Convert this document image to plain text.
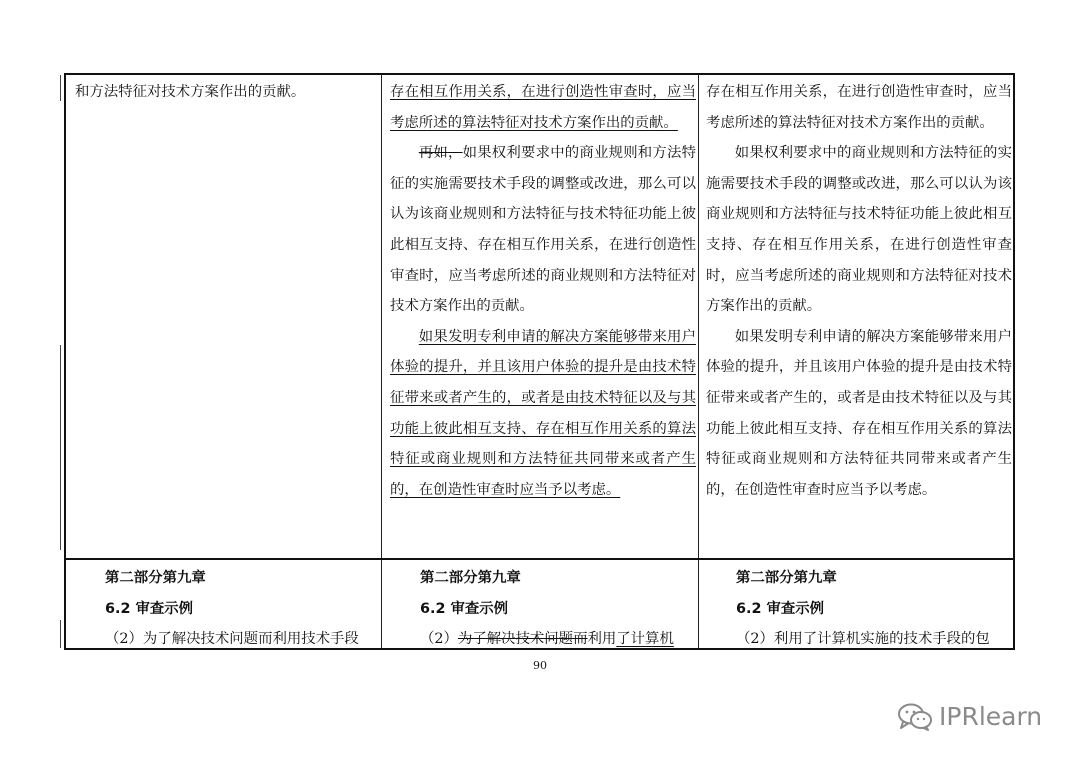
和方法特征对技术方案作出的贡献。	存在相互作用关系，在进行创造性审查时，应当考虑所述的算法特征对技术方案作出的贡献。

再如，如果权利要求中的商业规则和方法特征的实施需要技术手段的调整或改进，那么可以认为该商业规则和方法特征与技术特征功能上彼此相互支持、存在相互作用关系，在进行创造性审查时，应当考虑所述的商业规则和方法特征对技术方案作出的贡献。

如果发明专利申请的解决方案能够带来用户体验的提升，并且该用户体验的提升是由技术特征带来或者产生的，或者是由技术特征以及与其功能上彼此相互支持、存在相互作用关系的算法特征或商业规则和方法特征共同带来或者产生的，在创造性审查时应当予以考虑。

存在相互作用关系，在进行创造性审查时，应当考虑所述的算法特征对技术方案作出的贡献。

如果权利要求中的商业规则和方法特征的实施需要技术手段的调整或改进，那么可以认为该商业规则和方法特征与技术特征功能上彼此相互支持、存在相互作用关系，在进行创造性审查时，应当考虑所述的商业规则和方法特征对技术方案作出的贡献。

如果发明专利申请的解决方案能够带来用户体验的提升，并且该用户体验的提升是由技术特征带来或者产生的，或者是由技术特征以及与其功能上彼此相互支持、存在相互作用关系的算法特征或商业规则和方法特征共同带来或者产生的，在创造性审查时应当予以考虑。

第二部分第九章

6.2 审查示例

（2）为了解决技术问题而利用技术手段

第二部分第九章

6.2 审查示例

（2）为了解决技术问题而利用了计算机

第二部分第九章

6.2 审查示例

（2）利用了计算机实施的技术手段的包

90
IPRlearn
